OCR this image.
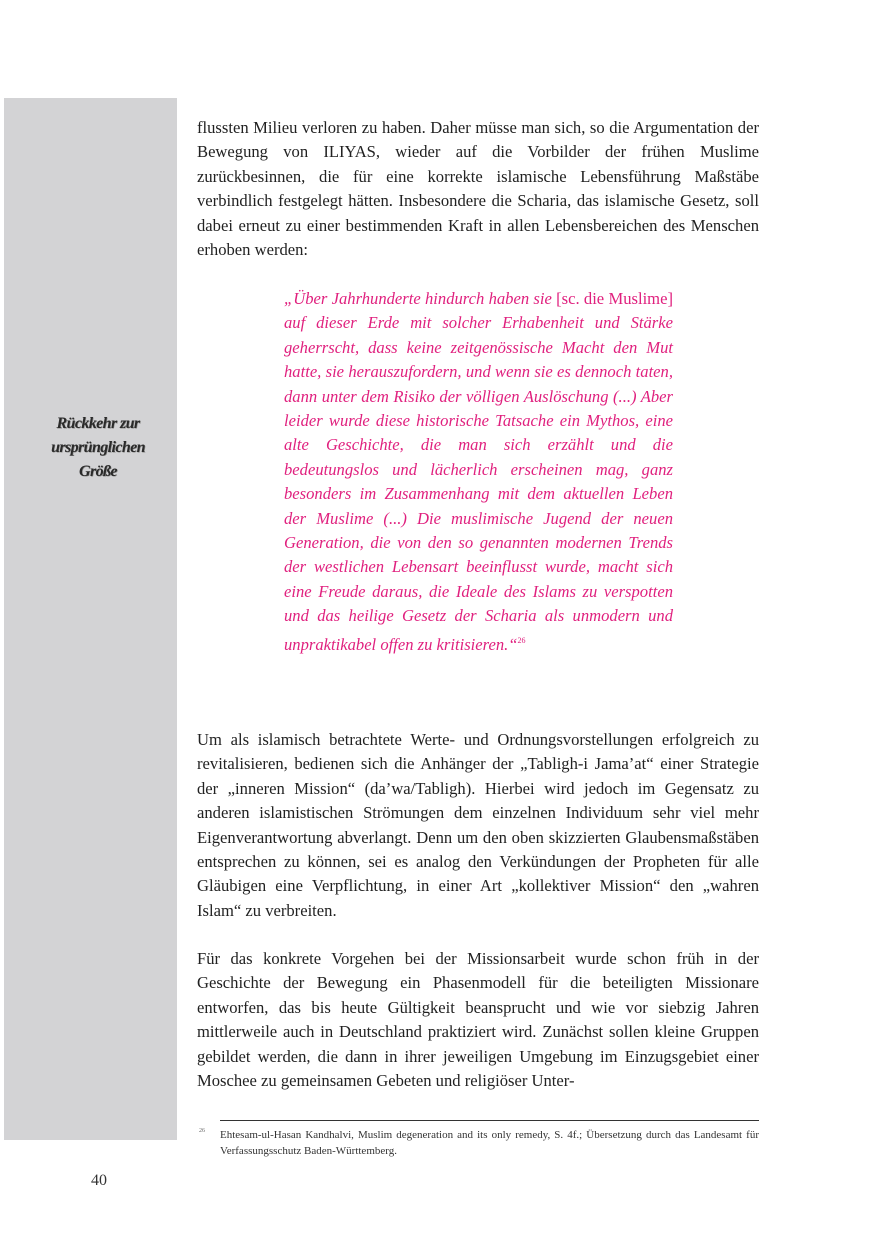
Rückkehr zur
ursprünglichen
Größe

flussten Milieu verloren zu haben. Daher müsse man sich, so die Argumentation der Bewegung von ILIYAS, wieder auf die Vorbilder der frühen Muslime zurückbesinnen, die für eine korrekte islamische Lebensführung Maßstäbe verbindlich festgelegt hätten. Insbesondere die Scharia, das islamische Gesetz, soll dabei erneut zu einer bestimmenden Kraft in allen Lebensbereichen des Menschen erhoben werden:

„Über Jahrhunderte hindurch haben sie [sc. die Muslime] auf dieser Erde mit solcher Erhabenheit und Stärke geherrscht, dass keine zeitgenössische Macht den Mut hatte, sie herauszufordern, und wenn sie es dennoch taten, dann unter dem Risiko der völligen Auslöschung (...) Aber leider wurde diese historische Tatsache ein Mythos, eine alte Geschichte, die man sich erzählt und die bedeutungslos und lächerlich erscheinen mag, ganz besonders im Zusammenhang mit dem aktuellen Leben der Muslime (...) Die muslimische Jugend der neuen Generation, die von den so genannten modernen Trends der westlichen Lebensart beeinflusst wurde, macht sich eine Freude daraus, die Ideale des Islams zu verspotten und das heilige Gesetz der Scharia als unmodern und unpraktikabel offen zu kritisieren.“$^{26}$

Um als islamisch betrachtete Werte- und Ordnungsvorstellungen erfolgreich zu revitalisieren, bedienen sich die Anhänger der „Tabligh-i Jama’at“ einer Strategie der „inneren Mission“ (da’wa/Tabligh). Hierbei wird jedoch im Gegensatz zu anderen islamistischen Strömungen dem einzelnen Individuum sehr viel mehr Eigenverantwortung abverlangt. Denn um den oben skizzierten Glaubensmaßstäben entsprechen zu können, sei es analog den Verkündungen der Propheten für alle Gläubigen eine Verpflichtung, in einer Art „kollektiver Mission“ den „wahren Islam“ zu verbreiten.

Für das konkrete Vorgehen bei der Missionsarbeit wurde schon früh in der Geschichte der Bewegung ein Phasenmodell für die beteiligten Missionare entworfen, das bis heute Gültigkeit beansprucht und wie vor siebzig Jahren mittlerweile auch in Deutschland praktiziert wird. Zunächst sollen kleine Gruppen gebildet werden, die dann in ihrer jeweiligen Umgebung im Einzugsgebiet einer Moschee zu gemeinsamen Gebeten und religiöser Unter-

26 Ehtesam-ul-Hasan Kandhalvi, Muslim degeneration and its only remedy, S. 4f.; Übersetzung durch das Landesamt für Verfassungsschutz Baden-Württemberg.

40
